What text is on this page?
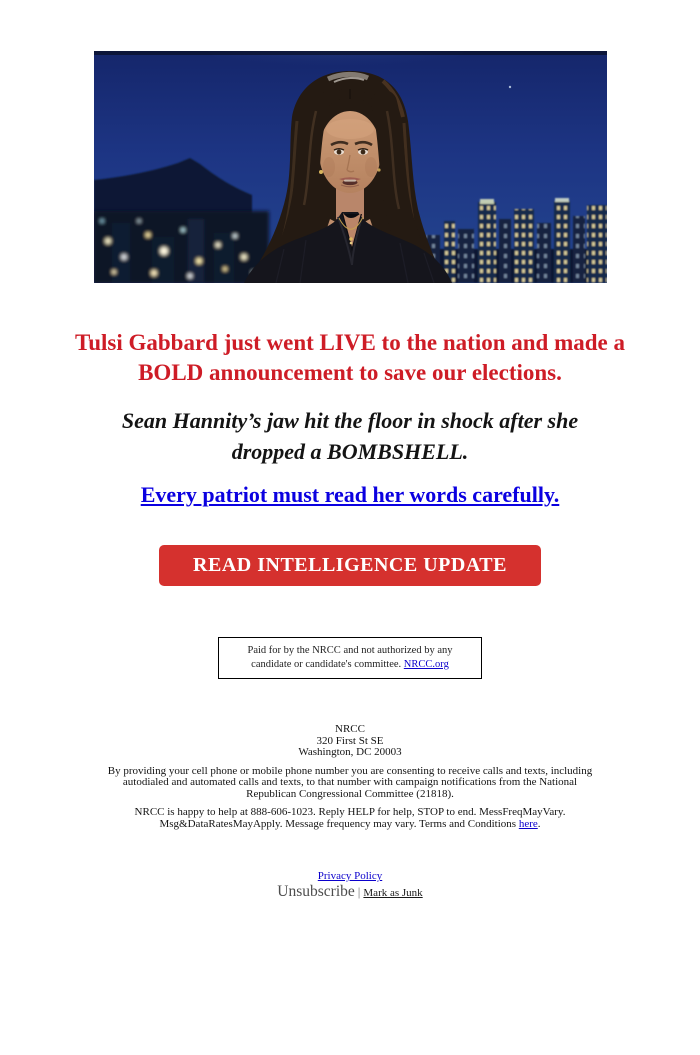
Tulsi Gabbard just went LIVE to the nation and made a
BOLD announcement to save our elections.
Sean Hannity’s jaw hit the floor in shock after she
dropped a BOMBSHELL.
Every patriot must read her words carefully.
READ INTELLIGENCE UPDATE
Paid for by the NRCC and not authorized by any
candidate or candidate's committee. NRCC.org
NRCC
320 First St SE
Washington, DC 20003
By providing your cell phone or mobile phone number you are consenting to receive calls and texts, including
autodialed and automated calls and texts, to that number with campaign notifications from the National
Republican Congressional Committee (21818).
NRCC is happy to help at 888-606-1023. Reply HELP for help, STOP to end. MessFreqMayVary.
Msg&DataRatesMayApply. Message frequency may vary. Terms and Conditions here.
Privacy Policy
Unsubscribe | Mark as Junk
